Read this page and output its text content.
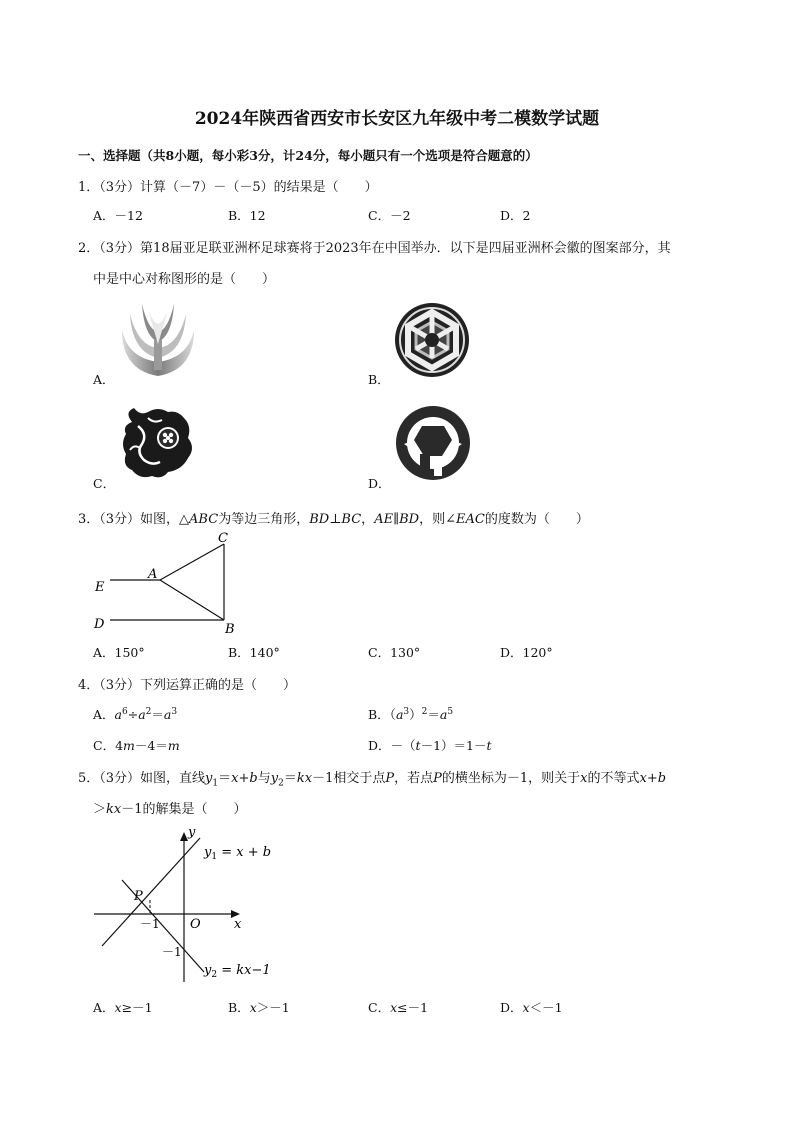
2024年陕西省西安市长安区九年级中考二模数学试题
一、选择题（共8小题，每小彩3分，计24分，每小题只有一个选项是符合题意的）
1．（3分）计算（－7）－（－5）的结果是（　　）
A．－12	B．12	C．－2	D．2
2．（3分）第18届亚足联亚洲杯足球赛将于2023年在中国举办．以下是四届亚洲杯会徽的图案部分，其
中是中心对称图形的是（　　）
A．	B．
C．	D．
3．（3分）如图，△ABC为等边三角形，BD⊥BC，AE∥BD，则∠EAC的度数为（　　）
C
A
E
D	B
A．150°	B．140°	C．130°	D．120°
4．（3分）下列运算正确的是（　　）
A．$a^6\div a^2=a^3$	B．$(a^3)^2=a^5$
C．4m－4＝m	D．－（t－1）＝1－t
5．（3分）如图，直线$y_1=x+b$与$y_2=kx-1$相交于点P，若点P的横坐标为－1，则关于x的不等式x+b
＞kx－1的解集是（　　）
y
x
O
P
－1
－1
$y_1 = x + b$
$y_2 = kx-1$
A．x≥－1	B．x＞－1	C．x≤－1	D．x＜－1
